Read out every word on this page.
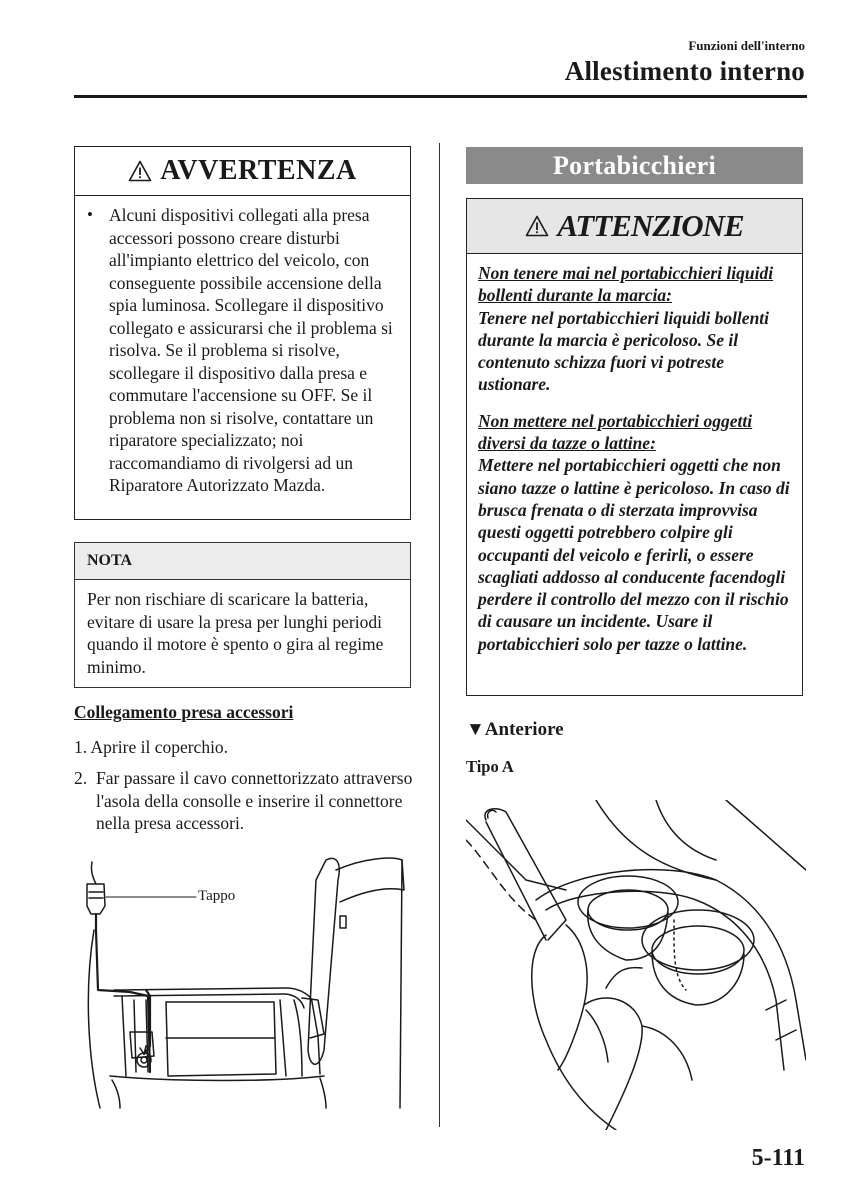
Funzioni dell'interno
Allestimento interno
AVVERTENZA
• Alcuni dispositivi collegati alla presa accessori possono creare disturbi all'impianto elettrico del veicolo, con conseguente possibile accensione della spia luminosa. Scollegare il dispositivo collegato e assicurarsi che il problema si risolva. Se il problema si risolve, scollegare il dispositivo dalla presa e commutare l'accensione su OFF. Se il problema non si risolve, contattare un riparatore specializzato; noi raccomandiamo di rivolgersi ad un Riparatore Autorizzato Mazda.
NOTA
Per non rischiare di scaricare la batteria, evitare di usare la presa per lunghi periodi quando il motore è spento o gira al regime minimo.
Collegamento presa accessori
1. Aprire il coperchio.
2. Far passare il cavo connettorizzato attraverso l'asola della consolle e inserire il connettore nella presa accessori.
Tappo
Portabicchieri
ATTENZIONE
Non tenere mai nel portabicchieri liquidi bollenti durante la marcia:
Tenere nel portabicchieri liquidi bollenti durante la marcia è pericoloso. Se il contenuto schizza fuori vi potreste ustionare.
Non mettere nel portabicchieri oggetti diversi da tazze o lattine:
Mettere nel portabicchieri oggetti che non siano tazze o lattine è pericoloso. In caso di brusca frenata o di sterzata improvvisa questi oggetti potrebbero colpire gli occupanti del veicolo e ferirli, o essere scagliati addosso al conducente facendogli perdere il controllo del mezzo con il rischio di causare un incidente. Usare il portabicchieri solo per tazze o lattine.
▼Anteriore
Tipo A
5-111
